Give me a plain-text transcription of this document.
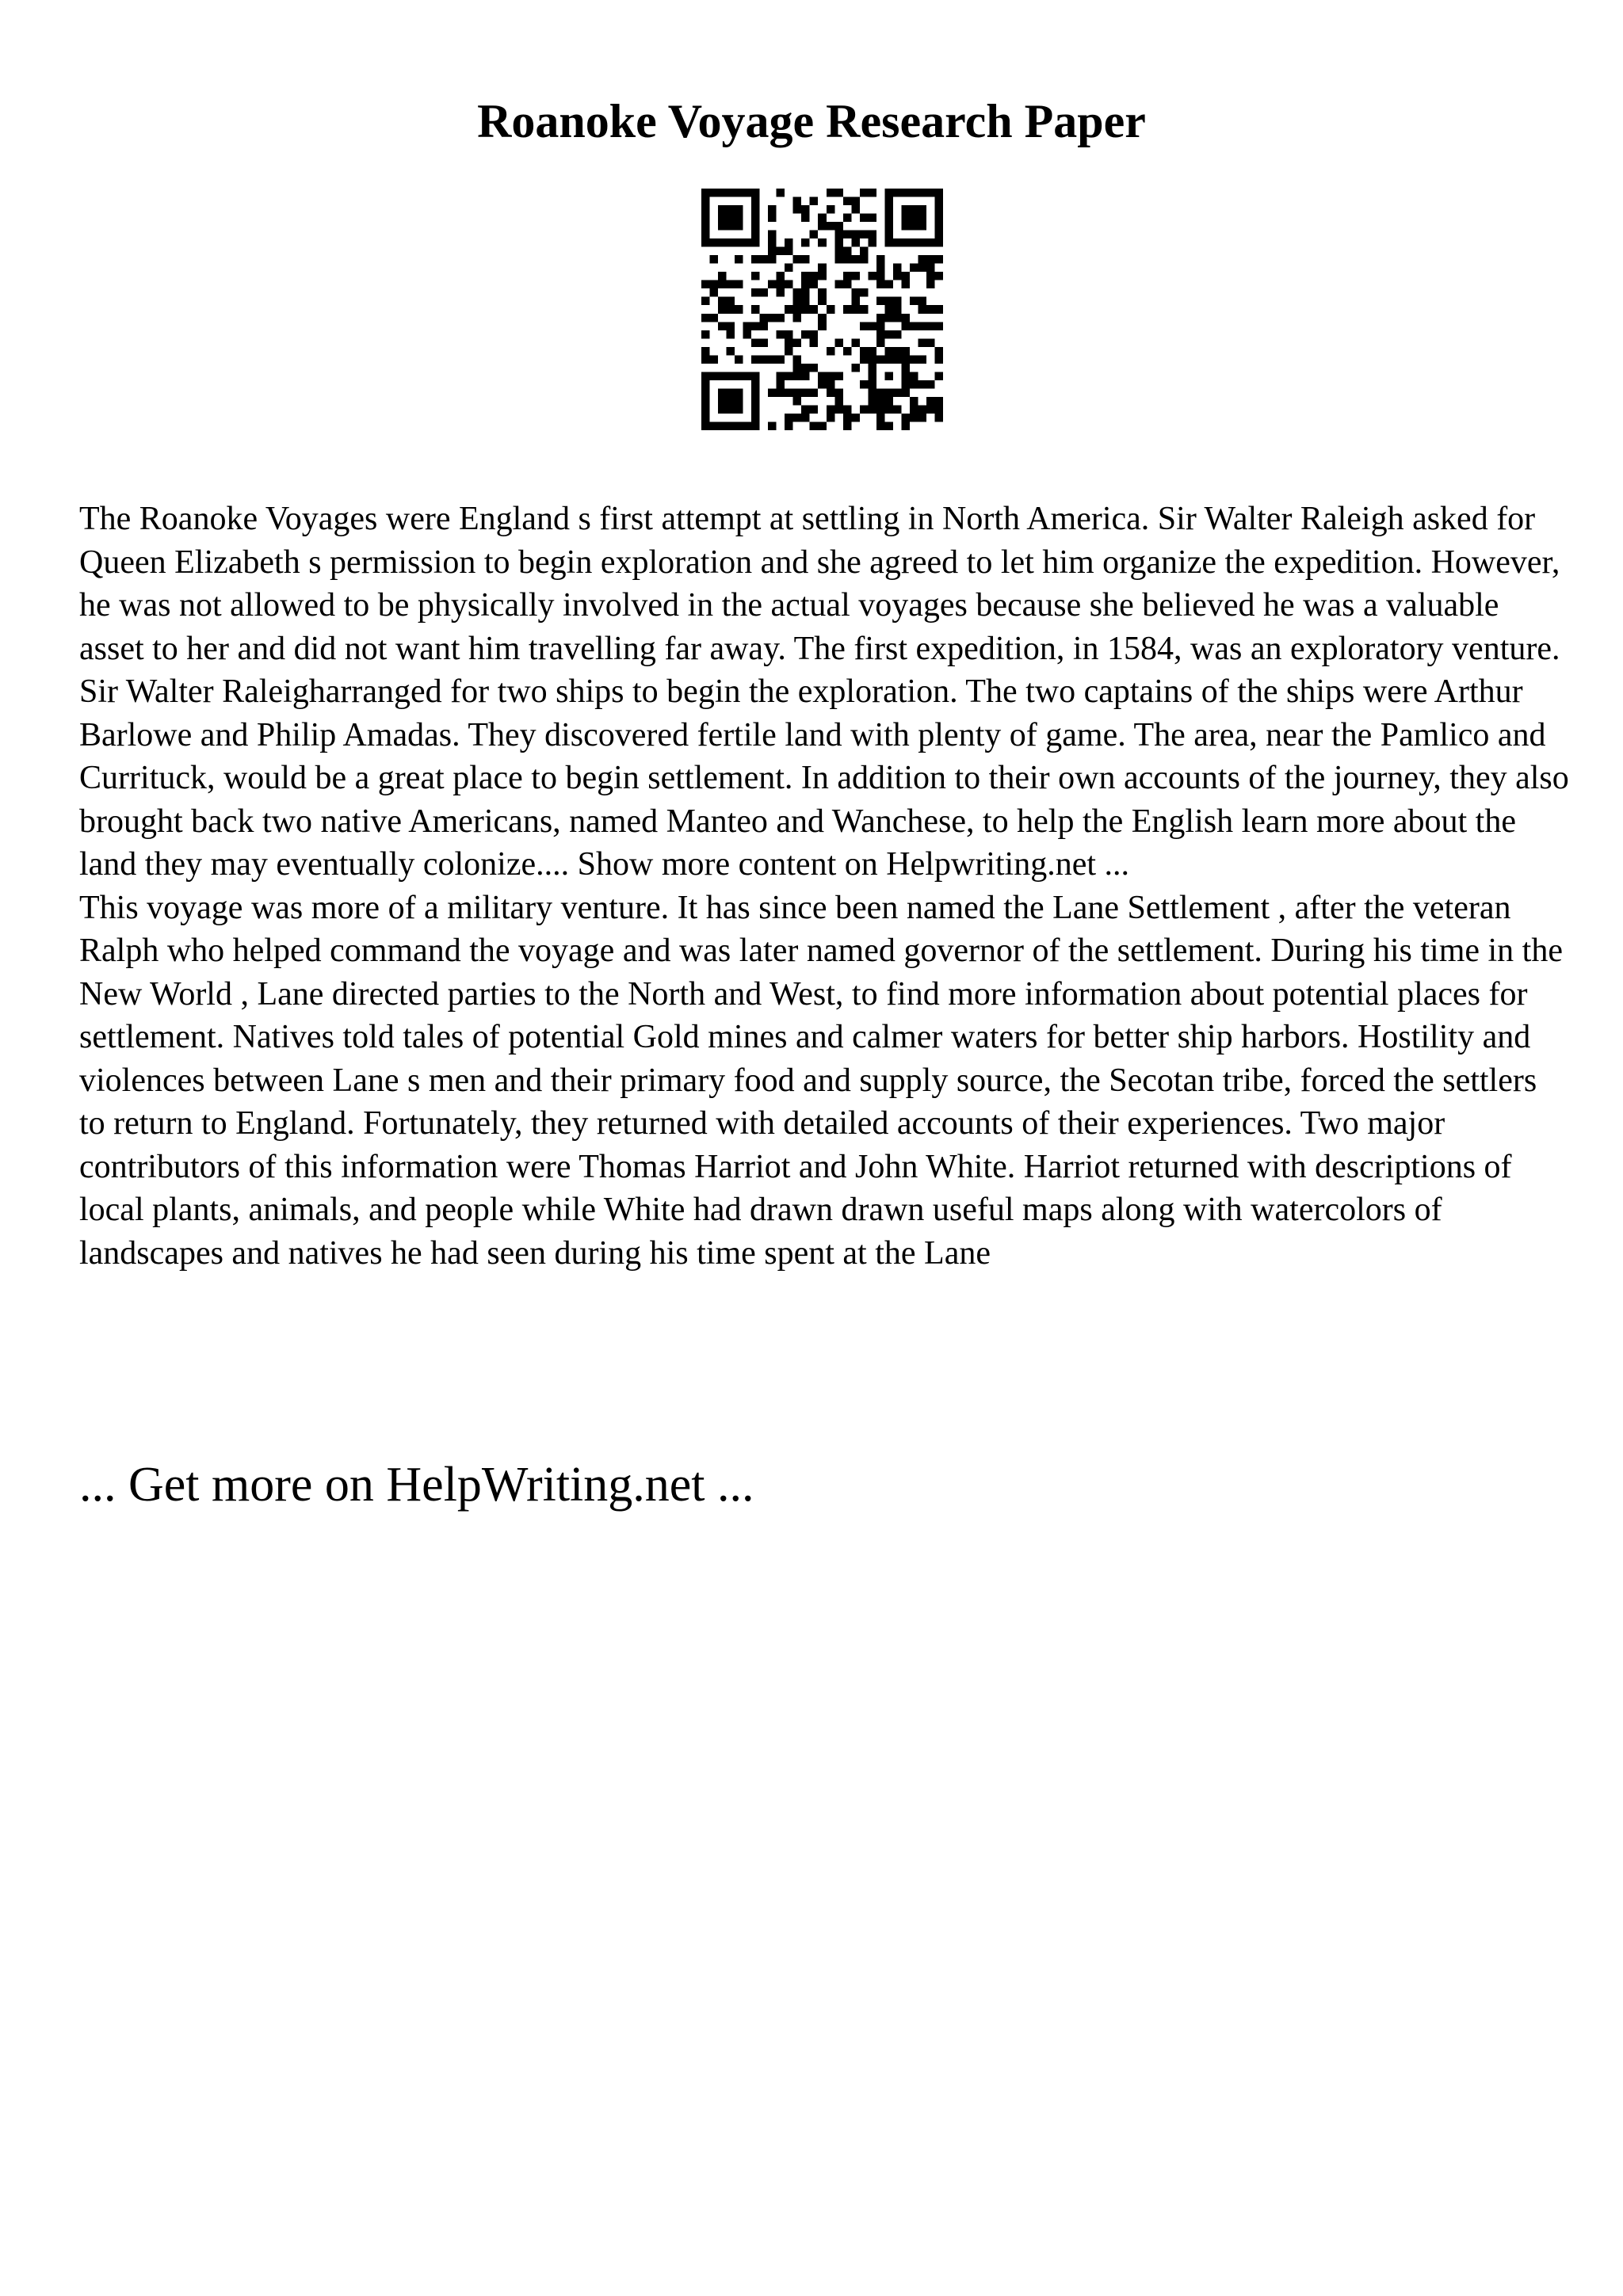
Roanoke Voyage Research Paper

The Roanoke Voyages were England s first attempt at settling in North America. Sir Walter Raleigh asked for Queen Elizabeth s permission to begin exploration and she agreed to let him organize the expedition. However, he was not allowed to be physically involved in the actual voyages because she believed he was a valuable asset to her and did not want him travelling far away. The first expedition, in 1584, was an exploratory venture. Sir Walter Raleigharranged for two ships to begin the exploration. The two captains of the ships were Arthur Barlowe and Philip Amadas. They discovered fertile land with plenty of game. The area, near the Pamlico and Currituck, would be a great place to begin settlement. In addition to their own accounts of the journey, they also brought back two native Americans, named Manteo and Wanchese, to help the English learn more about the land they may eventually colonize.... Show more content on Helpwriting.net ...

This voyage was more of a military venture. It has since been named the Lane Settlement , after the veteran Ralph who helped command the voyage and was later named governor of the settlement. During his time in the New World , Lane directed parties to the North and West, to find more information about potential places for settlement. Natives told tales of potential Gold mines and calmer waters for better ship harbors. Hostility and violences between Lane s men and their primary food and supply source, the Secotan tribe, forced the settlers to return to England. Fortunately, they returned with detailed accounts of their experiences. Two major contributors of this information were Thomas Harriot and John White. Harriot returned with descriptions of local plants, animals, and people while White had drawn drawn useful maps along with watercolors of landscapes and natives he had seen during his time spent at the Lane

... Get more on HelpWriting.net ...
